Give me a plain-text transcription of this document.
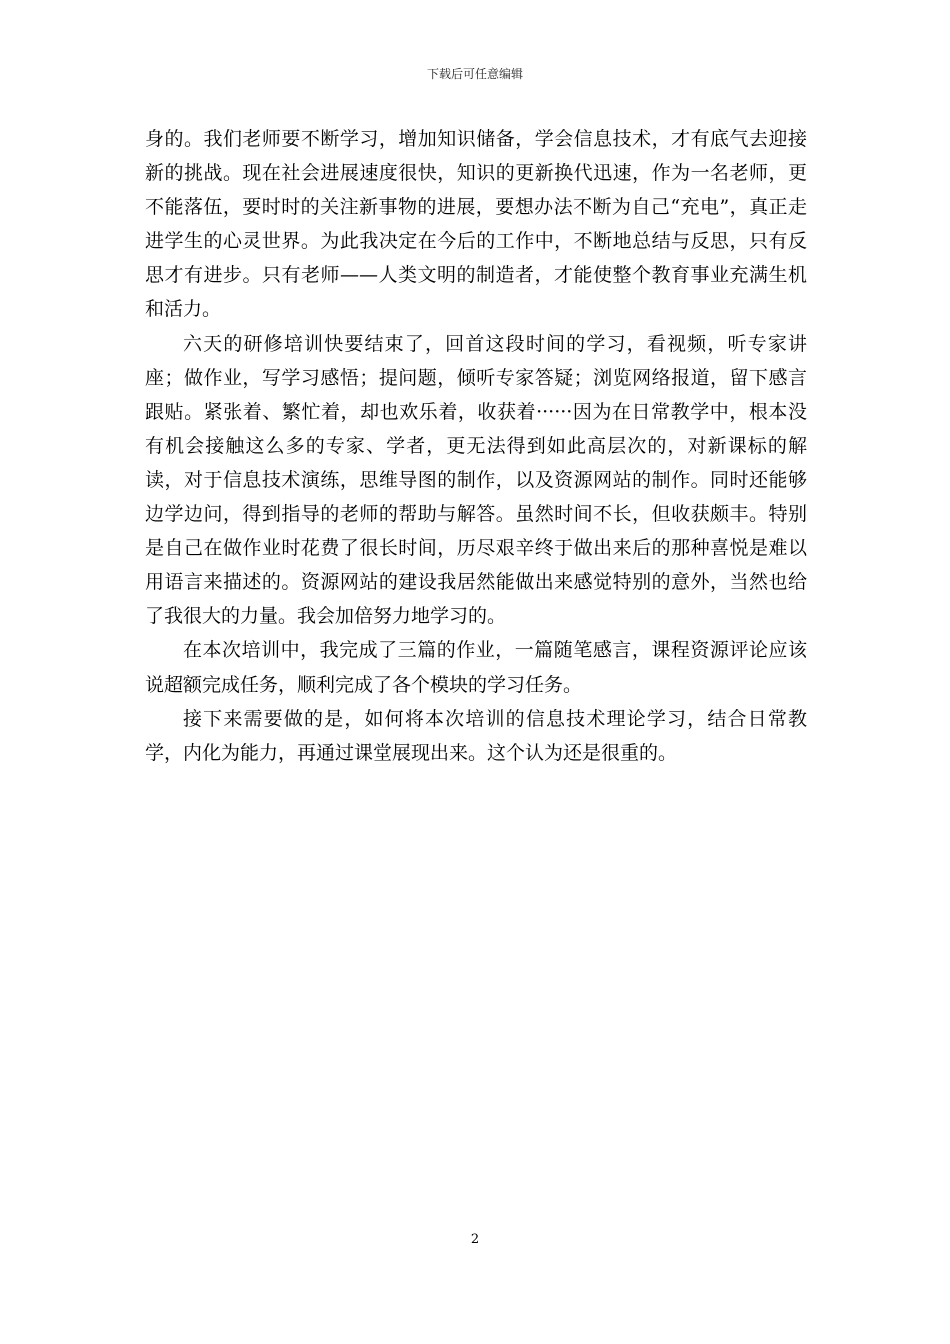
下载后可任意编辑

身的。我们老师要不断学习，增加知识储备，学会信息技术，才有底气去迎接新的挑战。现在社会进展速度很快，知识的更新换代迅速，作为一名老师，更不能落伍，要时时的关注新事物的进展，要想办法不断为自己“充电”，真正走进学生的心灵世界。为此我决定在今后的工作中，不断地总结与反思，只有反思才有进步。只有老师——人类文明的制造者，才能使整个教育事业充满生机和活力。

六天的研修培训快要结束了，回首这段时间的学习，看视频，听专家讲座；做作业，写学习感悟；提问题，倾听专家答疑；浏览网络报道，留下感言跟贴。紧张着、繁忙着，却也欢乐着，收获着······因为在日常教学中，根本没有机会接触这么多的专家、学者，更无法得到如此高层次的，对新课标的解读，对于信息技术演练，思维导图的制作，以及资源网站的制作。同时还能够边学边问，得到指导的老师的帮助与解答。虽然时间不长，但收获颇丰。特别是自己在做作业时花费了很长时间，历尽艰辛终于做出来后的那种喜悦是难以用语言来描述的。资源网站的建设我居然能做出来感觉特别的意外，当然也给了我很大的力量。我会加倍努力地学习的。

在本次培训中，我完成了三篇的作业，一篇随笔感言，课程资源评论应该说超额完成任务，顺利完成了各个模块的学习任务。

接下来需要做的是，如何将本次培训的信息技术理论学习，结合日常教学，内化为能力，再通过课堂展现出来。这个认为还是很重的。

2
